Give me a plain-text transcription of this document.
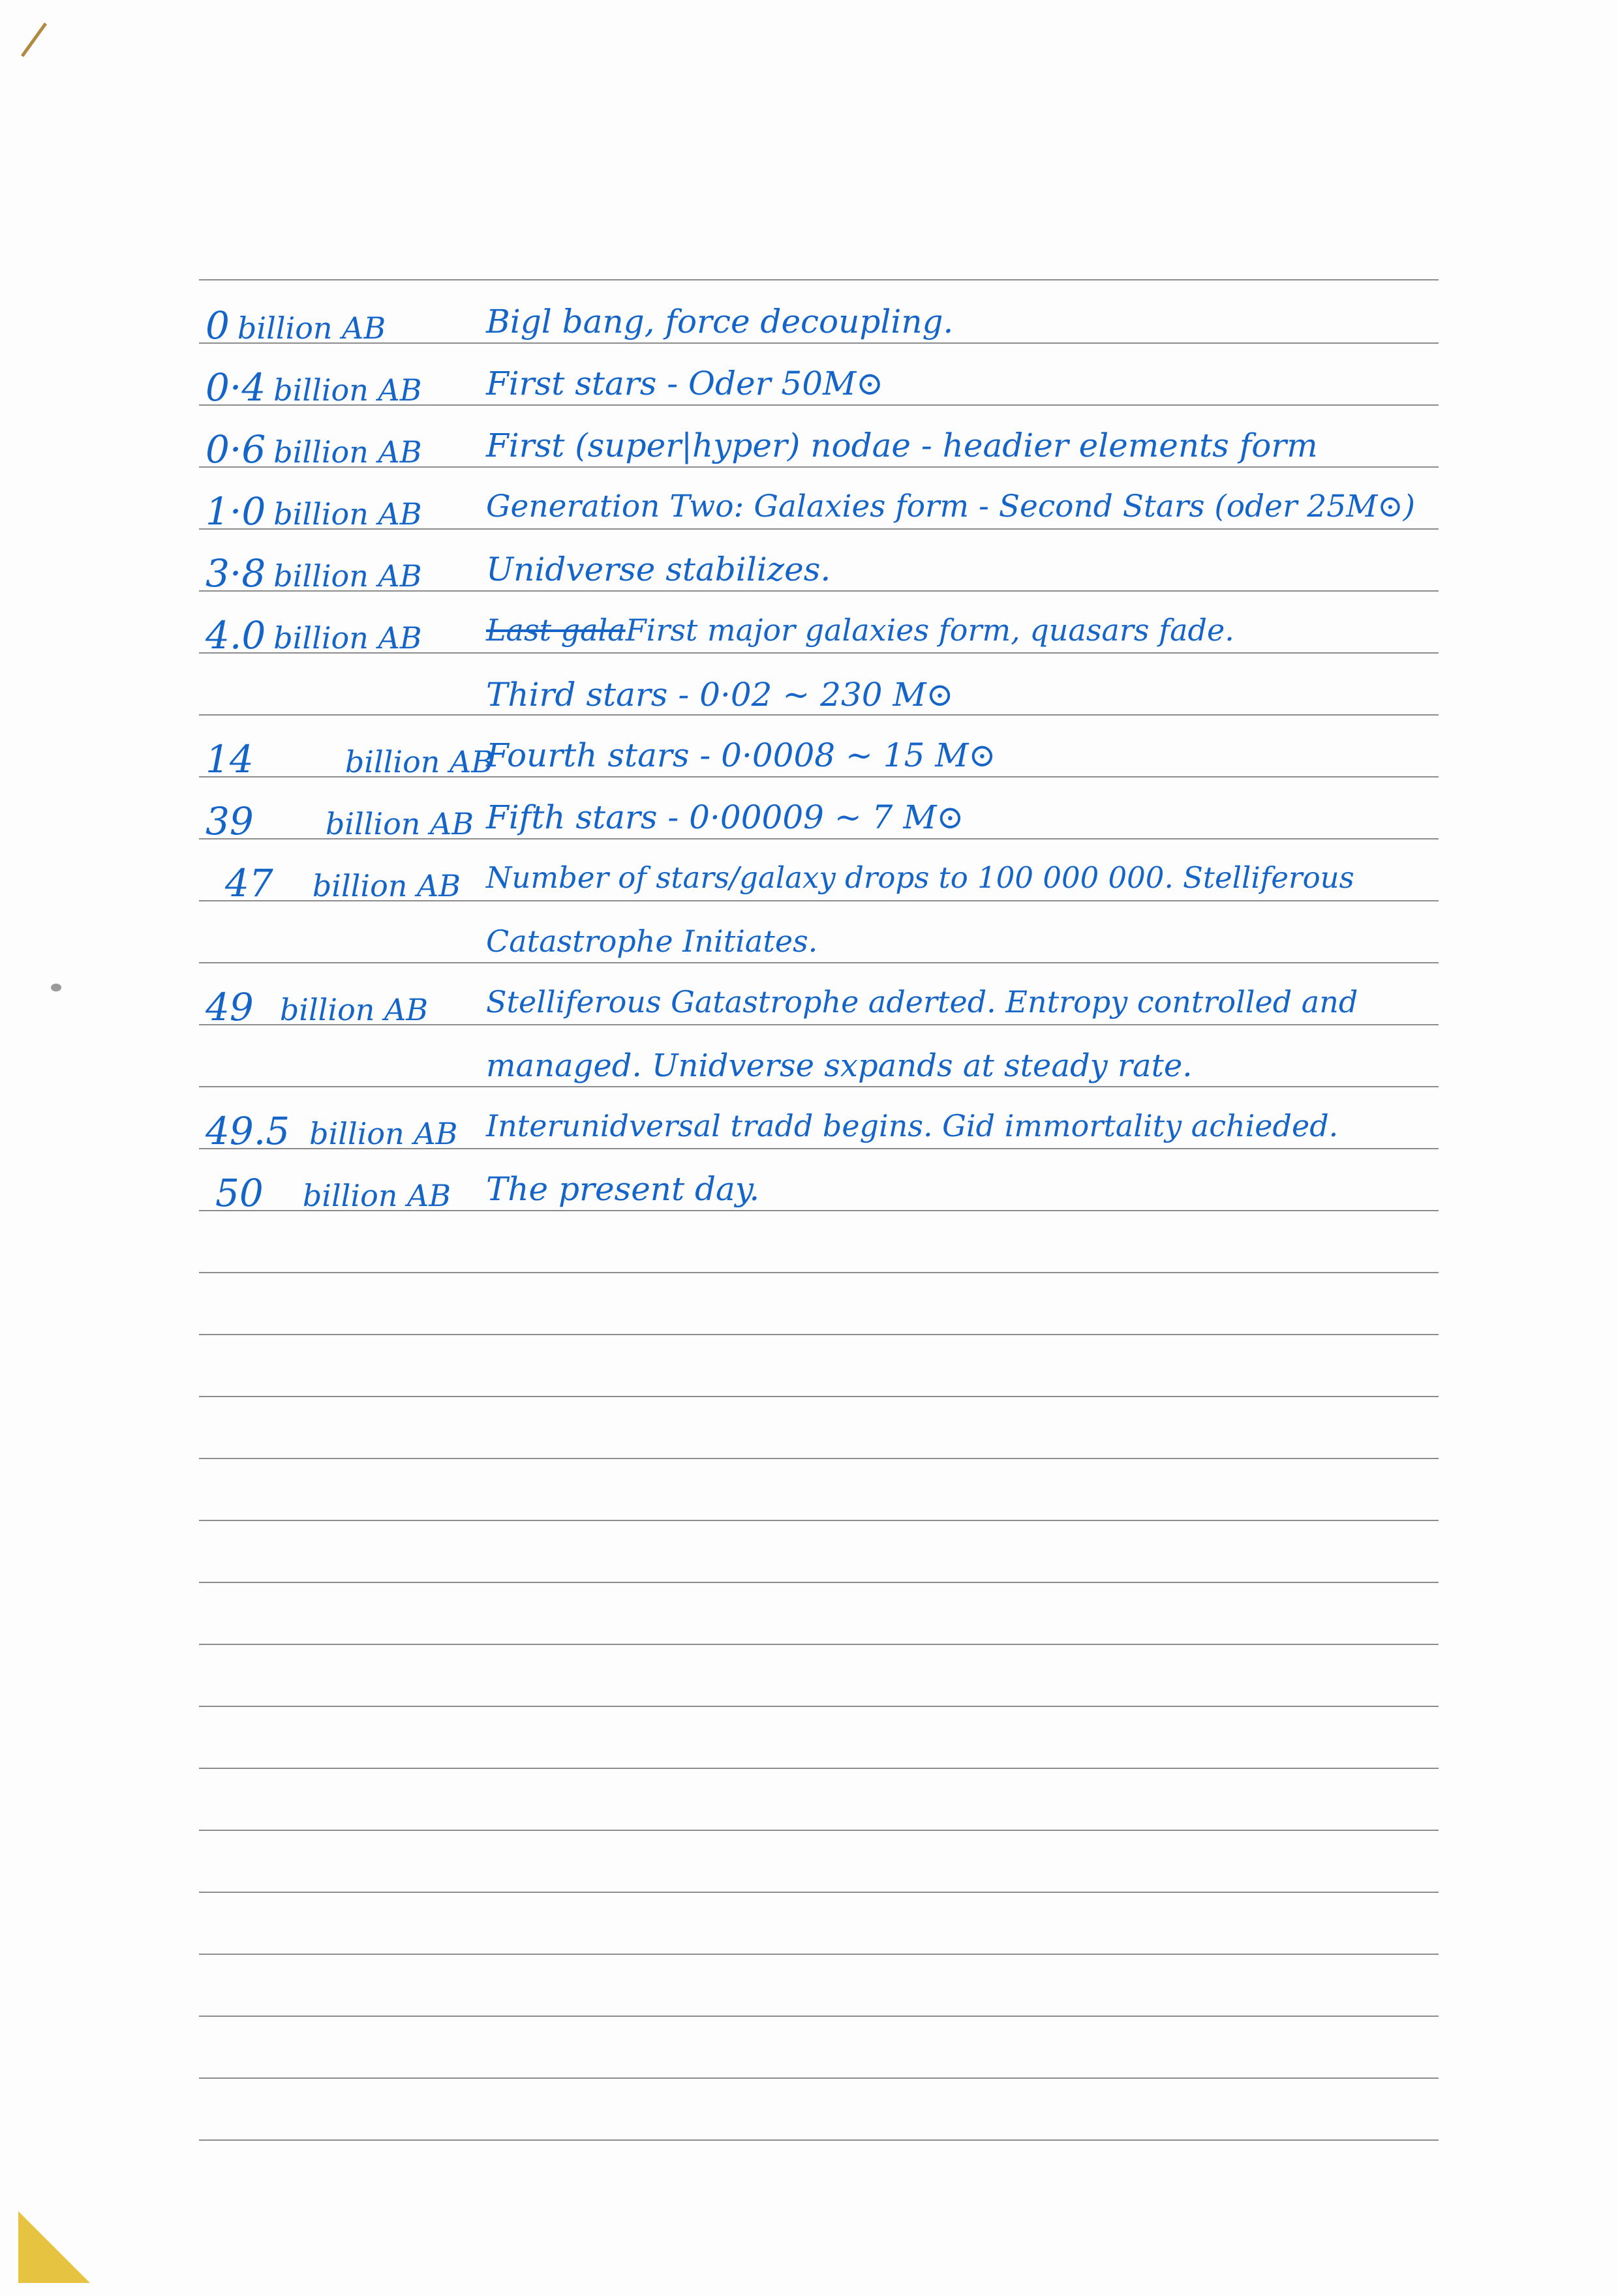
0 billion AB	Bigl bang, force decoupling.
0·4 billion AB First stars - Oder 50M⊙
0·6 billion AB First (super|hyper) nodae - headier elements form
1·0 billion AB Generation Two: Galaxies form - Second Stars (oder 25M⊙)
3·8 billion AB Unidverse stabilizes.
4.0 billion AB Last galaFirst major galaxies form, quasars fade.
Third stars - 0·02 ~ 230 M⊙
14	billion AB
Fourth stars - 0·0008 ~ 15 M⊙
39 billion AB Fifth stars - 0·00009 ~ 7 M⊙
47 billion AB Number of stars/galaxy drops to 100 000 000. Stelliferous
Catastrophe Initiates.
49 billion AB Stelliferous Gatastrophe aderted. Entropy controlled and
managed. Unidverse sxpands at steady rate.
49.5 billion AB Interunidversal tradd begins. Gid immortality achieded.
50 billion AB The present day.
